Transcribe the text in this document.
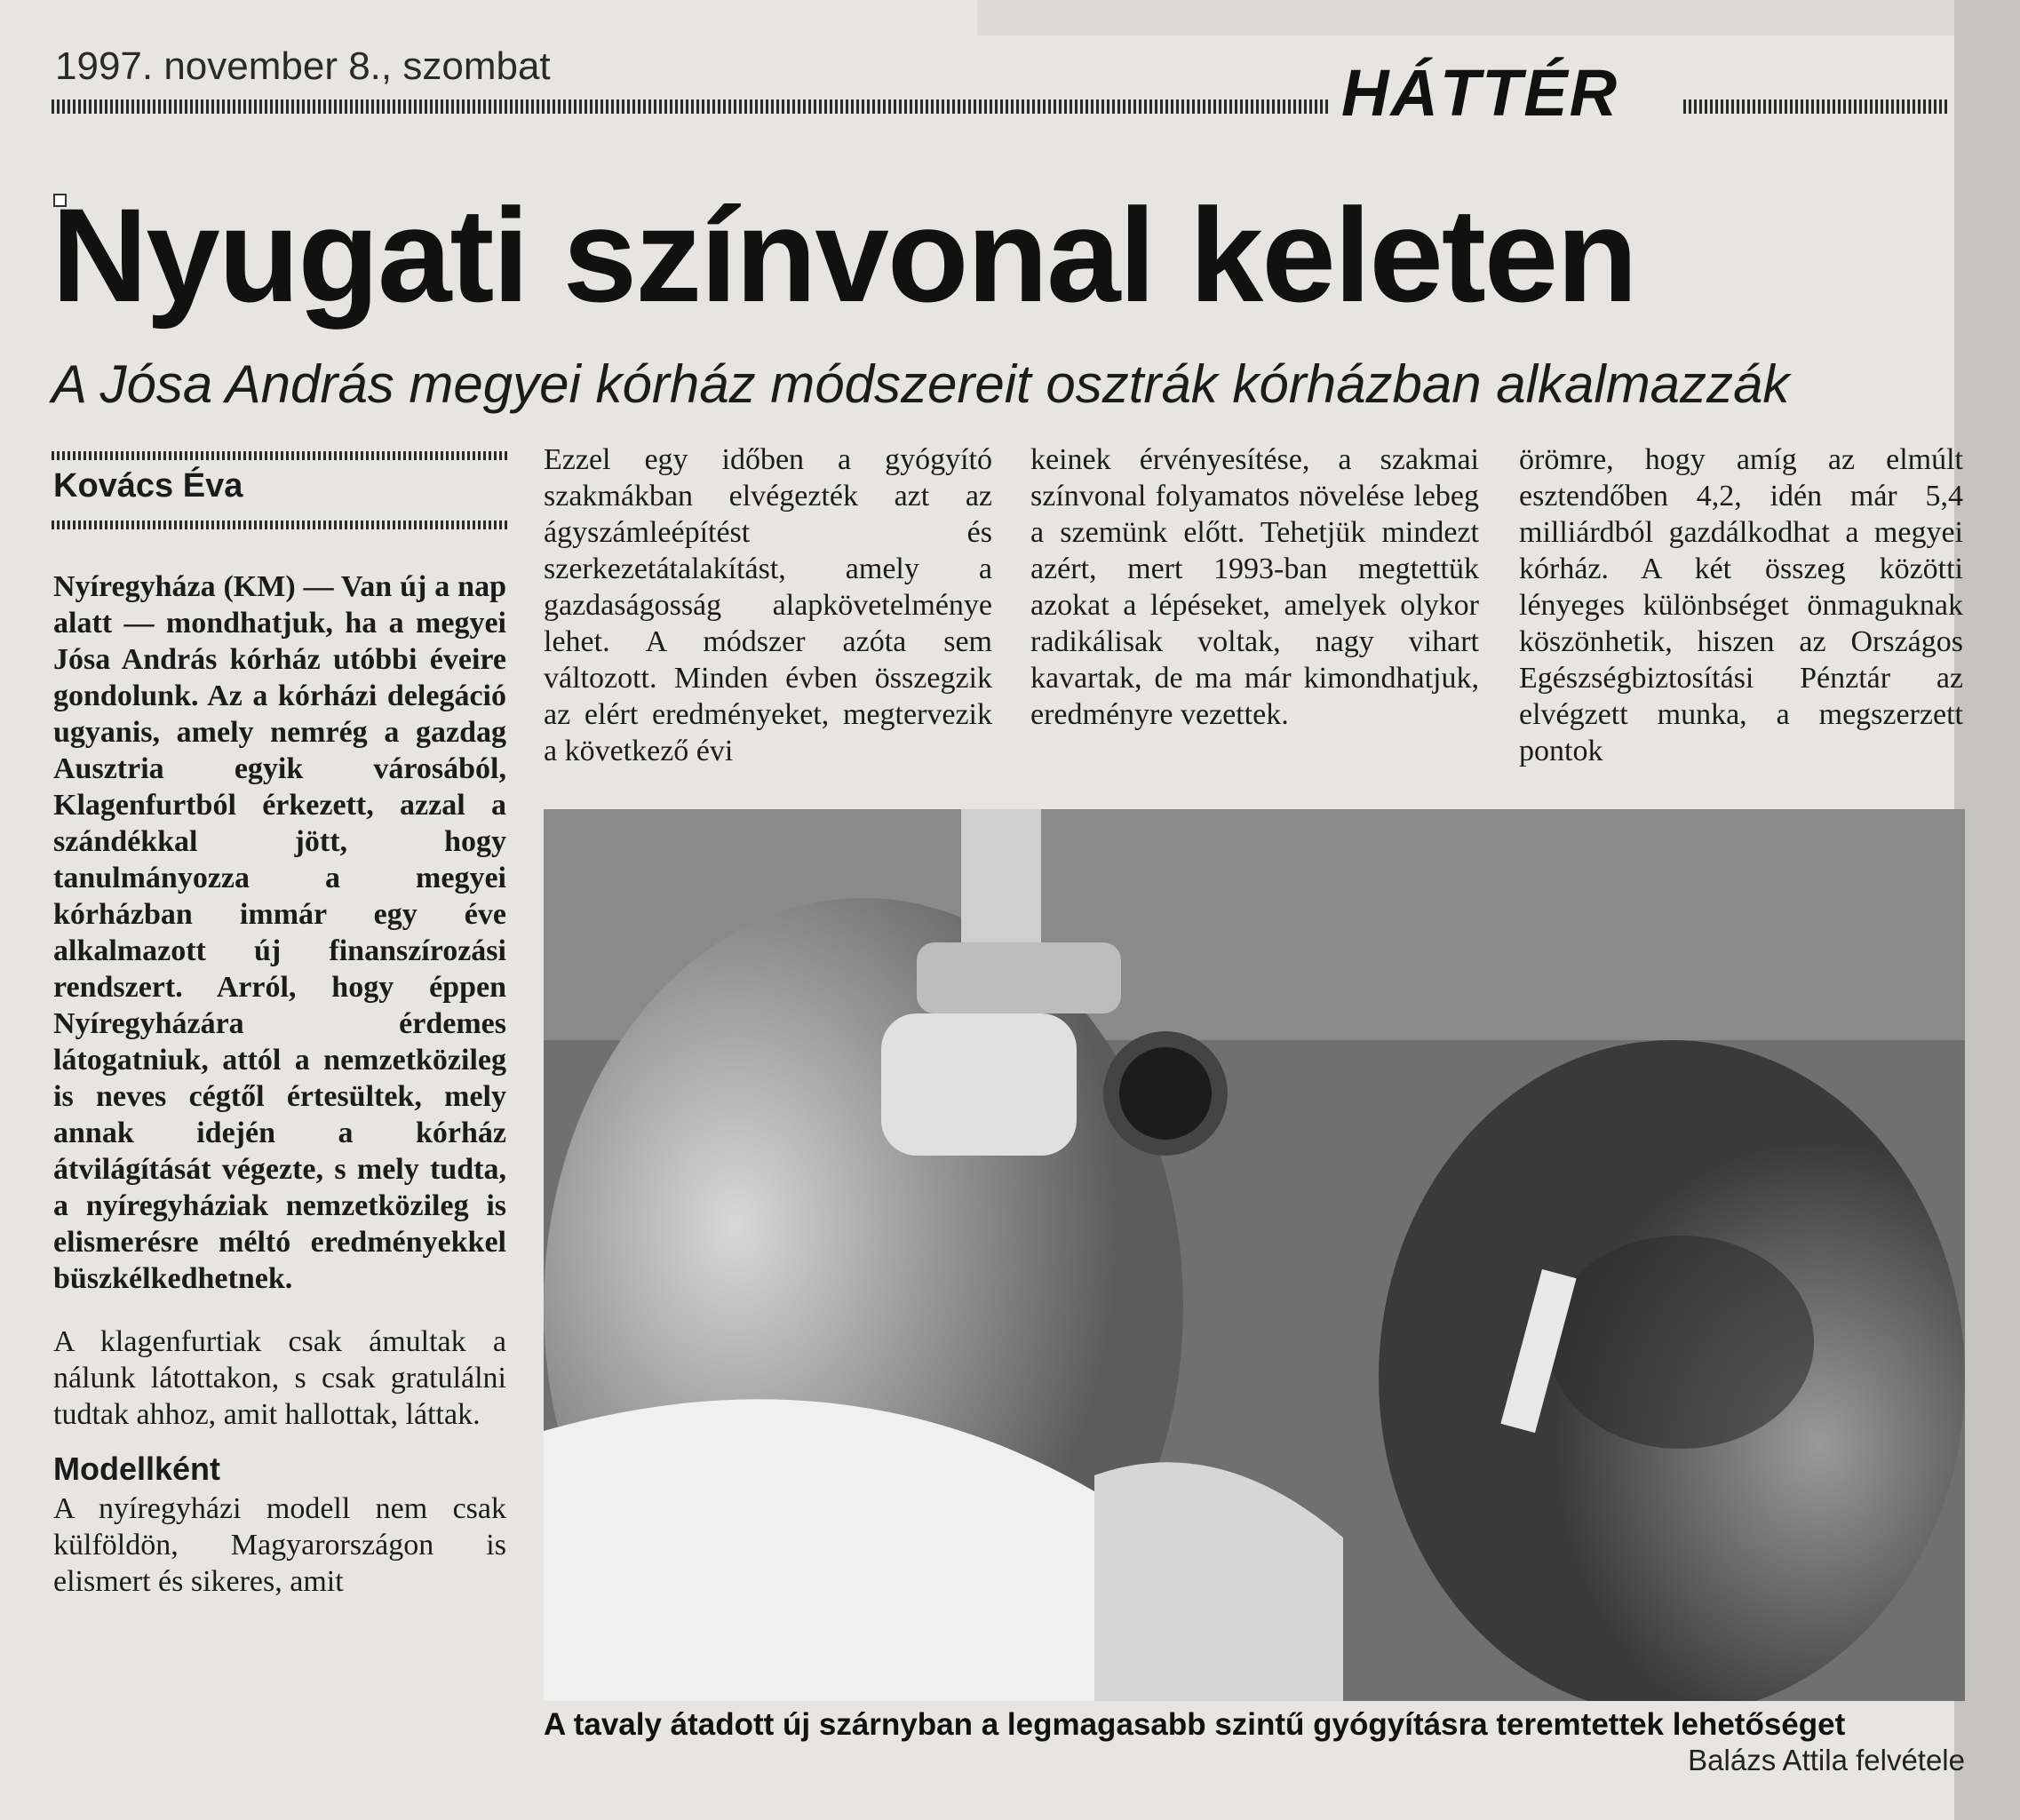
1997. november 8., szombat	HÁTTÉR
Nyugati színvonal keleten
A Jósa András megyei kórház módszereit osztrák kórházban alkalmazzák
Kovács Éva

Nyíregyháza (KM) — Van új a nap alatt — mondhatjuk, ha a megyei Jósa András kórház utóbbi éveire gondolunk. Az a kórházi delegáció ugyanis, amely nemrég a gazdag Ausztria egyik városából, Klagenfurtból érkezett, azzal a szándékkal jött, hogy tanulmányozza a megyei kórházban immár egy éve alkalmazott új finanszírozási rendszert. Arról, hogy éppen Nyíregyházára érdemes látogatniuk, attól a nemzetközileg is neves cégtől értesültek, mely annak idején a kórház átvilágítását végezte, s mely tudta, a nyíregyháziak nemzetközileg is elismerésre méltó eredményekkel büszkélkedhetnek.

A klagenfurtiak csak ámultak a nálunk látottakon, s csak gratulálni tudtak ahhoz, amit hallottak, láttak.

Modellként

A nyíregyházi modell nem csak külföldön, Magyarországon is elismert és sikeres, amit

Ezzel egy időben a gyógyító szakmákban elvégezték azt az ágyszámleépítést és szerkezetátalakítást, amely a gazdaságosság alapkövetelménye lehet. A módszer azóta sem változott. Minden évben összegzik az elért eredményeket, megtervezik a következő évi

keinek érvényesítése, a szakmai színvonal folyamatos növelése lebeg a szemünk előtt. Tehetjük mindezt azért, mert 1993-ban megtettük azokat a lépéseket, amelyek olykor radikálisak voltak, nagy vihart kavartak, de ma már kimondhatjuk, eredményre vezettek.

örömre, hogy amíg az elmúlt esztendőben 4,2, idén már 5,4 milliárdból gazdálkodhat a megyei kórház. A két összeg közötti lényeges különbséget önmaguknak köszönhetik, hiszen az Országos Egészségbiztosítási Pénztár az elvégzett munka, a megszerzett pontok

A tavaly átadott új szárnyban a legmagasabb szintű gyógyításra teremtettek lehetőséget
Balázs Attila felvétele
